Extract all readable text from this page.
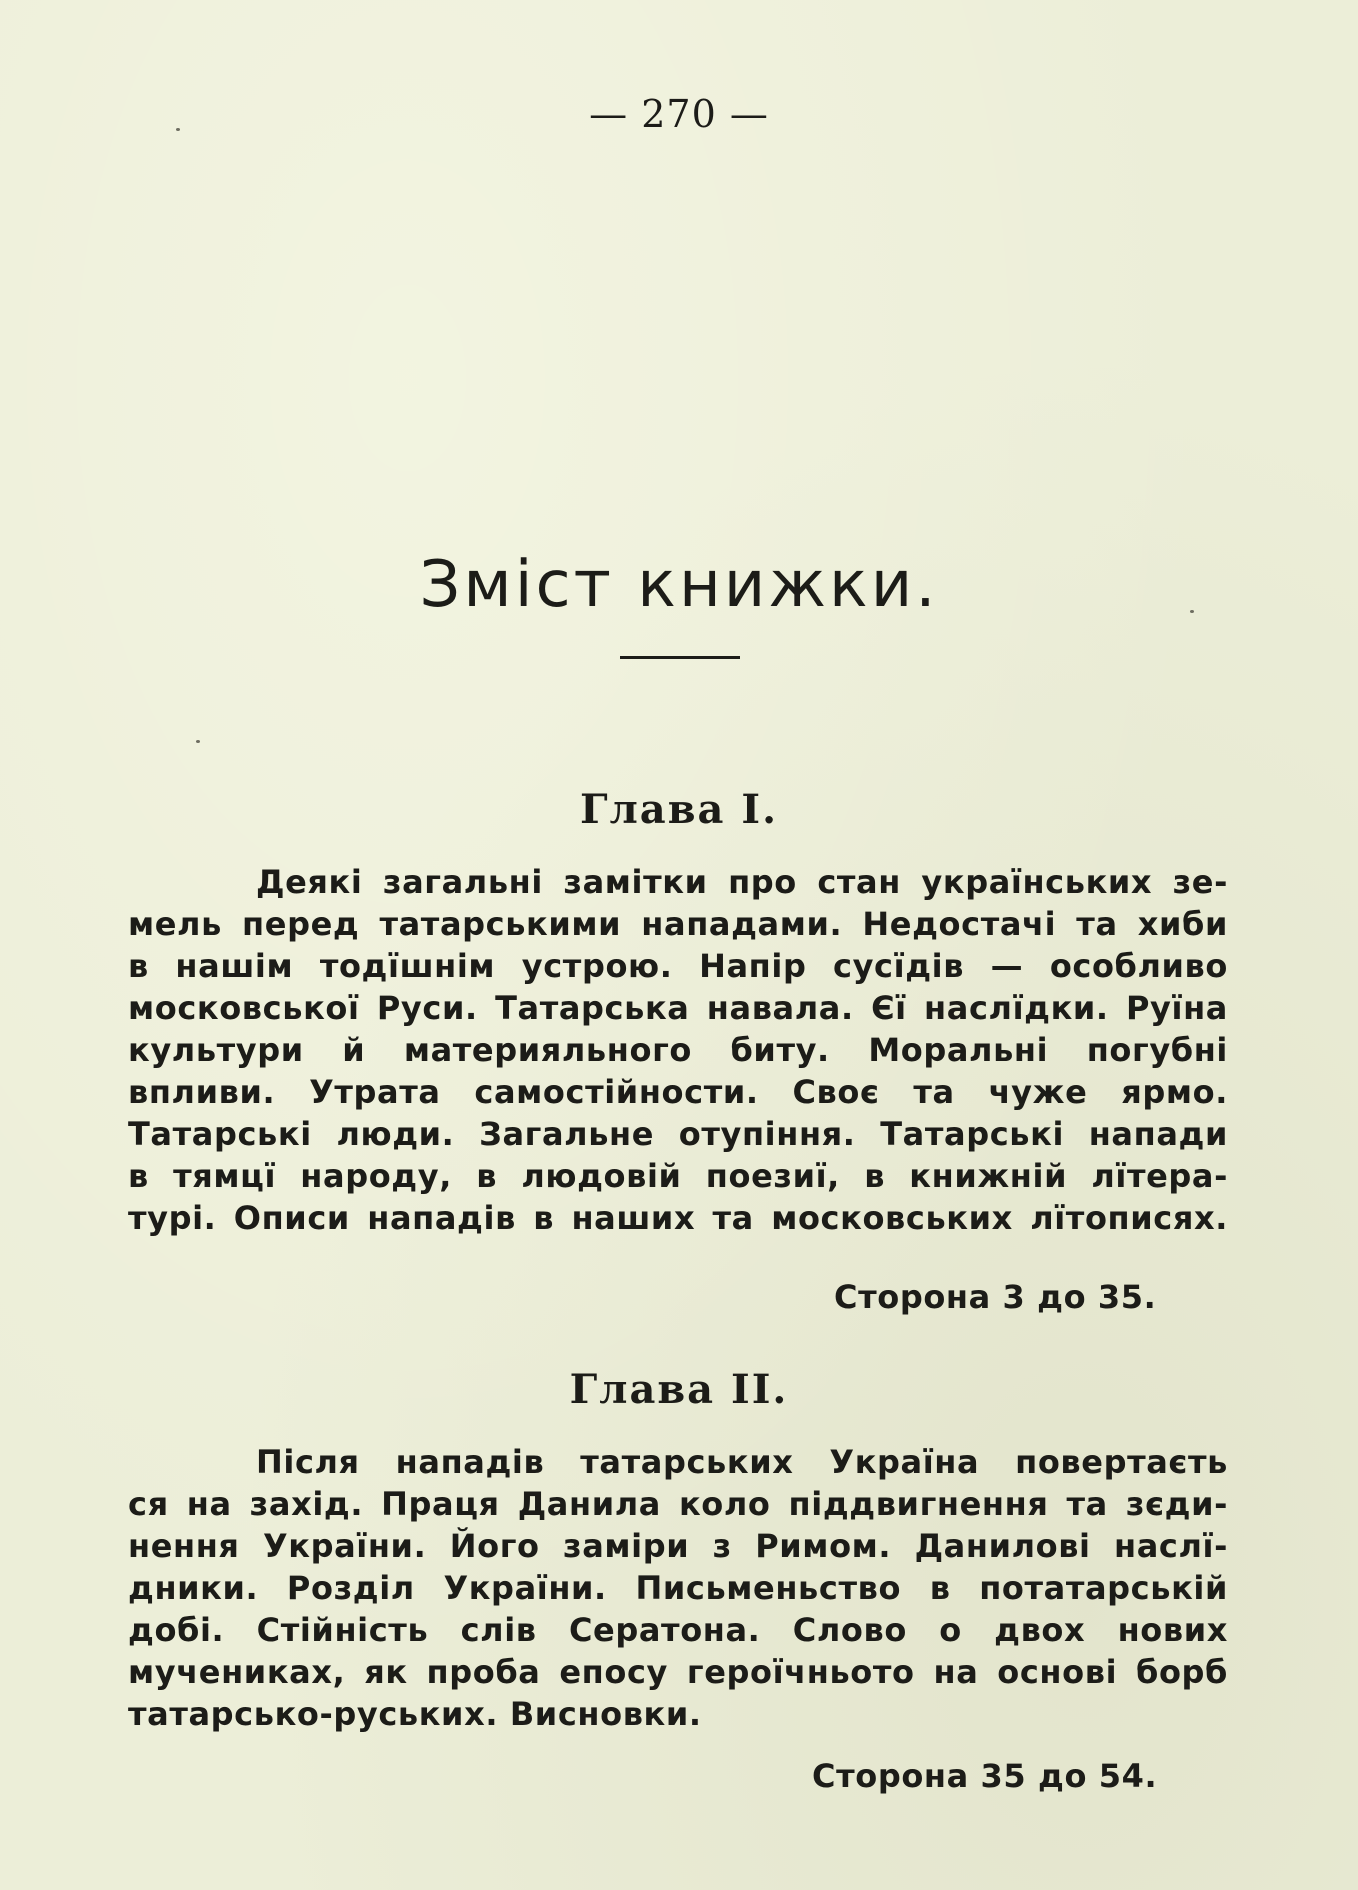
— 270 —
Зміст книжки.
Глава I.
Деякі загальні замітки про стан українських зе-
мель перед татарськими нападами. Недостачі та хиби
в нашім тодїшнім устрою. Напір сусїдів — особливо
московської Руси. Татарська навала. Єї наслїдки. Руїна
культури й материяльного биту. Моральні погубні
впливи. Утрата самостійности. Своє та чуже ярмо.
Татарські люди. Загальне отупіння. Татарські напади
в тямцї народу, в людовій поезиї, в книжній лїтера-
турі. Описи нападів в наших та московських лїтописях.
Сторона 3 до 35.
Глава II.
Після нападів татарських Україна повертаєть
ся на захід. Праця Данила коло піддвигнення та зєди-
нення України. Його заміри з Римом. Данилові наслї-
дники. Розділ України. Письменьство в потатарській
добі. Стійність слів Сератона. Слово о двох нових
мучениках, як проба епосу героїчньото на основі борб
татарсько-руських. Висновки.
Сторона 35 до 54.
